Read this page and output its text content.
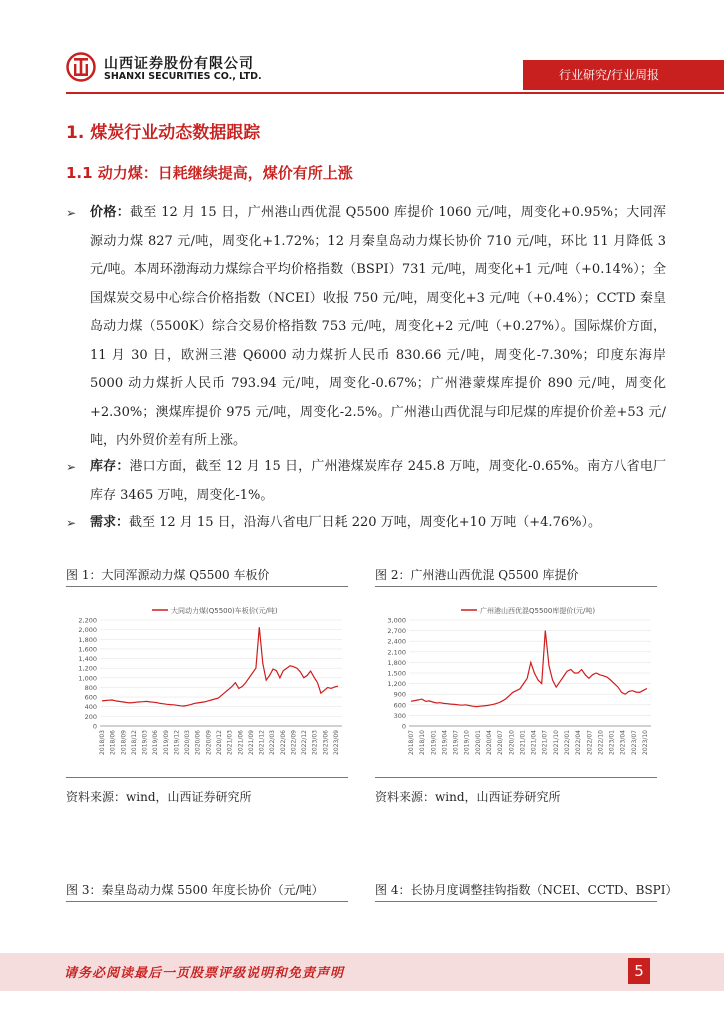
山西证券股份有限公司
SHANXI SECURITIES CO., LTD.	行业研究/行业周报
1. 煤炭行业动态数据跟踪
1.1 动力煤：日耗继续提高，煤价有所上涨
➢ 价格：截至 12 月 15 日，广州港山西优混 Q5500 库提价 1060 元/吨，周变化+0.95%；大同浑源动力煤 827 元/吨，周变化+1.72%；12 月秦皇岛动力煤长协价 710 元/吨，环比 11 月降低 3 元/吨。本周环渤海动力煤综合平均价格指数（BSPI）731 元/吨，周变化+1 元/吨（+0.14%）；全国煤炭交易中心综合价格指数（NCEI）收报 750 元/吨，周变化+3 元/吨（+0.4%）；CCTD 秦皇岛动力煤（5500K）综合交易价格指数 753 元/吨，周变化+2 元/吨（+0.27%）。国际煤价方面，11 月 30 日，欧洲三港 Q6000 动力煤折人民币 830.66 元/吨，周变化-7.30%；印度东海岸 5000 动力煤折人民币 793.94 元/吨，周变化-0.67%；广州港蒙煤库提价 890 元/吨，周变化+2.30%；澳煤库提价 975 元/吨，周变化-2.5%。广州港山西优混与印尼煤的库提价价差+53 元/吨，内外贸价差有所上涨。
➢ 库存：港口方面，截至 12 月 15 日，广州港煤炭库存 245.8 万吨，周变化-0.65%。南方八省电厂库存 3465 万吨，周变化-1%。
➢ 需求：截至 12 月 15 日，沿海八省电厂日耗 220 万吨，周变化+10 万吨（+4.76%）。
图 1：大同浑源动力煤 Q5500 车板价	图 2：广州港山西优混 Q5500 库提价
大同动力煤(Q5500)车板价(元/吨)
0
200
400
600
800
1,000
1,200
1,400
1,600
1,800
2,000
2,200
2018/03 2018/06 2018/09 2018/12 2019/03 2019/06 2019/09 2019/12 2020/03 2020/06 2020/09 2020/12 2021/03 2021/06 2021/09 2021/12 2022/03 2022/06 2022/09 2022/12 2023/03 2023/06 2023/09
广州港山西优混Q5500库提价(元/吨)
0
300
600
900
1,200
1,500
1,800
2,100
2,400
2,700
3,000
2018/07 2018/10 2019/01 2019/04 2019/07 2019/10 2020/01 2020/04 2020/07 2020/10 2021/01 2021/04 2021/07 2021/10 2022/01 2022/04 2022/07 2022/10 2023/01 2023/04 2023/07 2023/10
资料来源：wind，山西证券研究所	资料来源：wind，山西证券研究所
图 3：秦皇岛动力煤 5500 年度长协价（元/吨）	图 4：长协月度调整挂钩指数（NCEI、CCTD、BSPI）
请务必阅读最后一页股票评级说明和免责声明	5
